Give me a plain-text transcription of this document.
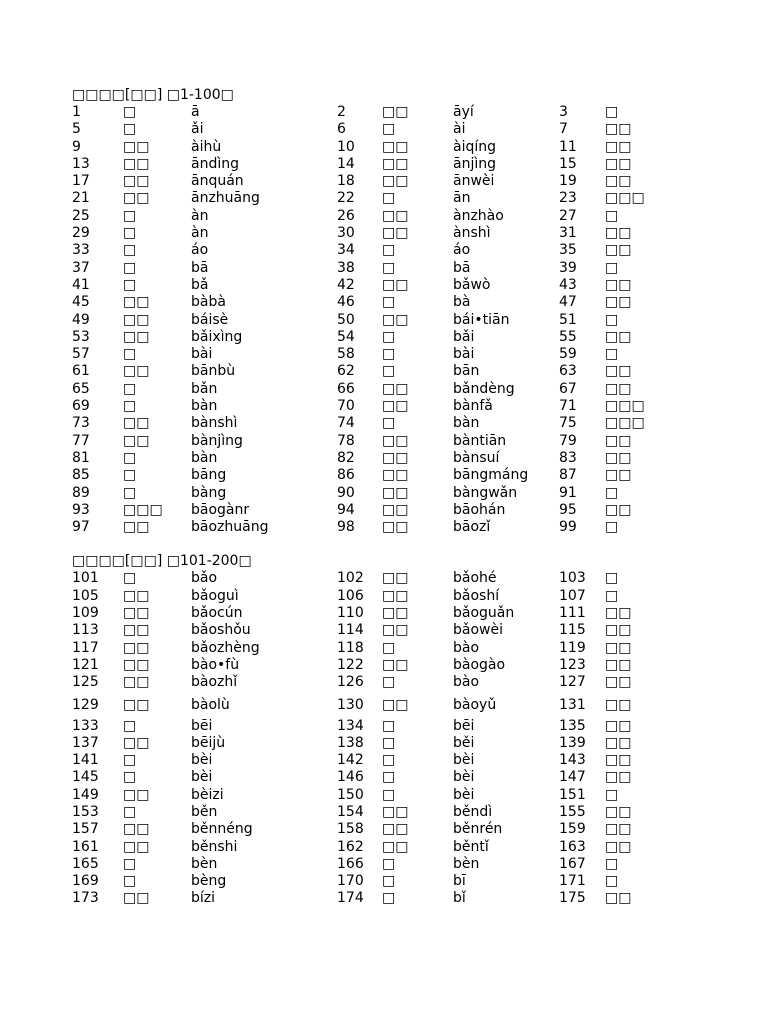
□□□□[□□] □1-100□
1	□	ā	2	□□	āyí	3	□
5	□	ǎi	6	□	ài	7	□□
9	□□	àihù	10 □□	àiqíng	11 □□
13 □□	āndìng	14 □□	ānjìng	15 □□
17 □□	ānquán	18 □□	ānwèi	19 □□
21 □□	ānzhuāng	22 □	ān	23 □□□
25 □	àn	26 □□	ànzhào	27 □
29 □	àn	30 □□	ànshì	31 □□
33 □	áo	34 □	áo	35 □□
37 □	bā	38 □	bā	39 □
41 □	bǎ	42 □□	bǎwò	43 □□
45 □□	bàbà	46 □	bà	47 □□
49 □□	báisè	50 □□	bái•tiān	51 □
53 □□	bǎixìng	54 □	bǎi	55 □□
57 □	bài	58 □	bài	59 □
61 □□	bānbù	62 □	bān	63 □□
65 □	bǎn	66 □□	bǎndèng	67 □□
69 □	bàn	70 □□	bànfǎ	71 □□□
73 □□	bànshì	74 □	bàn	75 □□□
77 □□	bànjìng	78 □□	bàntiān	79 □□
81 □	bàn	82 □□	bànsuí	83 □□
85 □	bāng	86 □□	bāngmáng 87 □□
89 □	bàng	90 □□	bàngwǎn	91 □
93 □□□ bāogànr	94 □□	bāohán	95 □□
97 □□	bāozhuāng	98 □□	bāozǐ	99 □
□□□□[□□] □101-200□
101 □	bǎo	102 □□	bǎohé	103 □
105 □□	bǎoguì	106 □□	bǎoshí	107 □
109 □□	bǎocún	110 □□	bǎoguǎn	111 □□
113 □□	bǎoshǒu	114 □□	bǎowèi	115 □□
117 □□	bǎozhèng	118 □	bào	119 □□
121 □□	bào•fù	122 □□	bàogào	123 □□
125 □□	bàozhǐ	126 □	bào	127 □□
129 □□	bàolù	130 □□	bàoyǔ	131 □□
133 □	bēi	134 □	bēi	135 □□
137 □□	bēijù	138 □	běi	139 □□
141 □	bèi	142 □	bèi	143 □□
145 □	bèi	146 □	bèi	147 □□
149 □□	bèizi	150 □	bèi	151 □
153 □	běn	154 □□	běndì	155 □□
157 □□	běnnéng	158 □□	běnrén	159 □□
161 □□	běnshi	162 □□	běntǐ	163 □□
165 □	bèn	166 □	bèn	167 □
169 □	bèng	170 □	bī	171 □
173 □□	bízi	174 □	bǐ	175 □□
